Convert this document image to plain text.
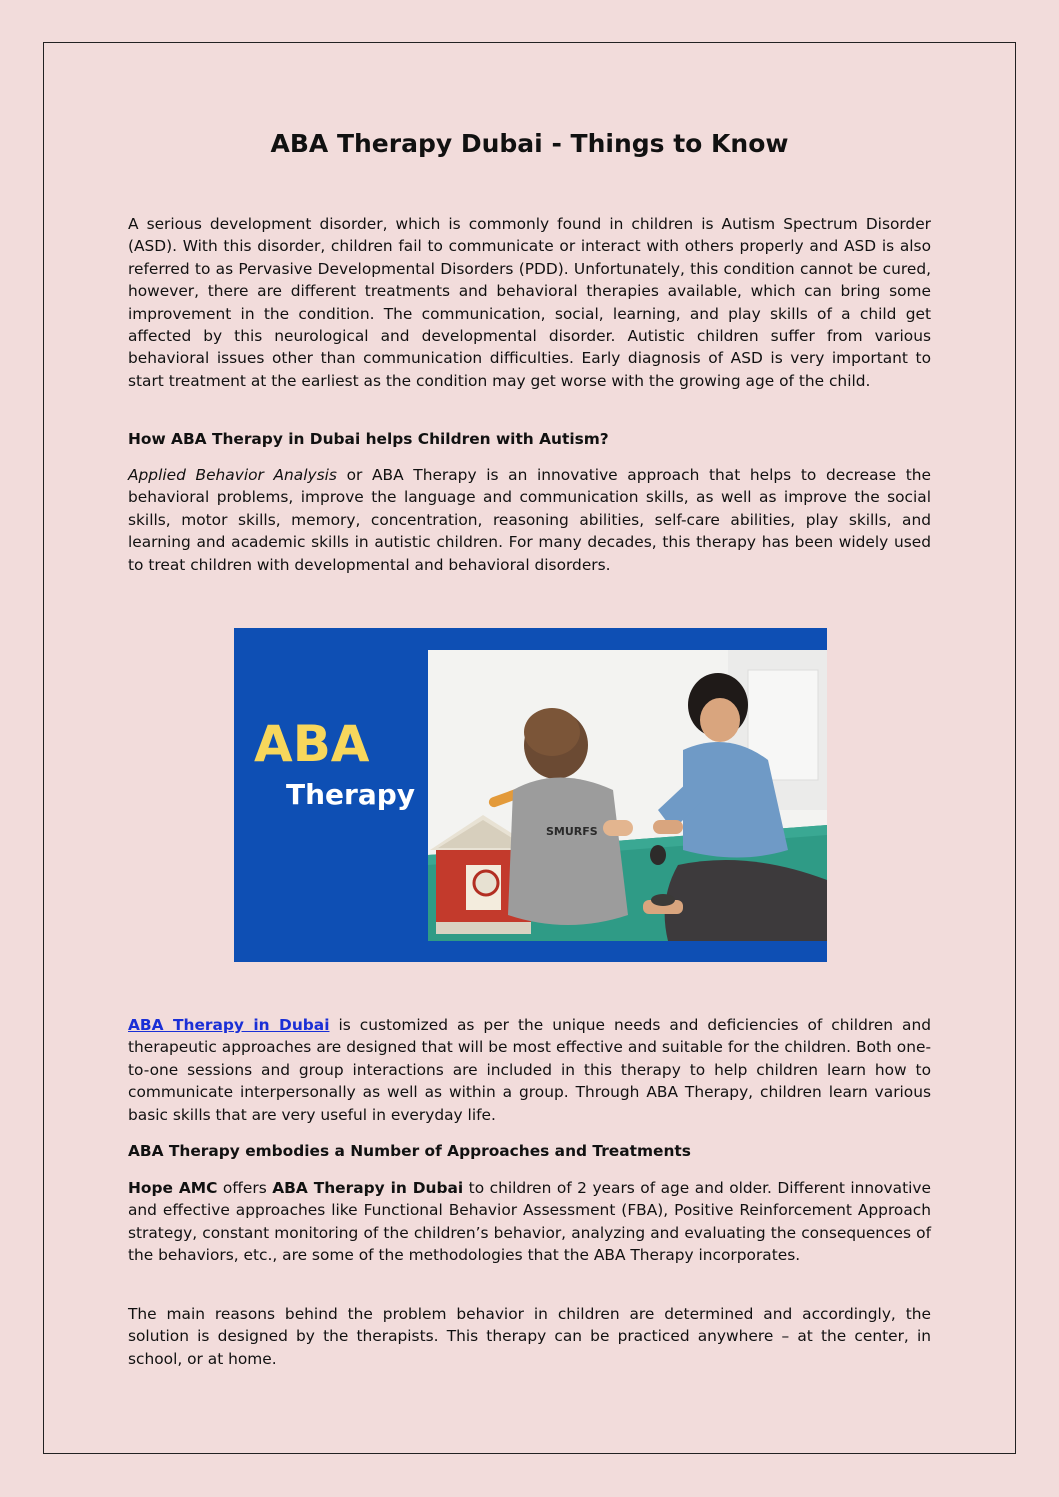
ABA Therapy Dubai - Things to Know

A serious development disorder, which is commonly found in children is Autism Spectrum Disorder (ASD). With this disorder, children fail to communicate or interact with others properly and ASD is also referred to as Pervasive Developmental Disorders (PDD). Unfortunately, this condition cannot be cured, however, there are different treatments and behavioral therapies available, which can bring some improvement in the condition. The communication, social, learning, and play skills of a child get affected by this neurological and developmental disorder. Autistic children suffer from various behavioral issues other than communication difficulties. Early diagnosis of ASD is very important to start treatment at the earliest as the condition may get worse with the growing age of the child.

How ABA Therapy in Dubai helps Children with Autism?

Applied Behavior Analysis or ABA Therapy is an innovative approach that helps to decrease the behavioral problems, improve the language and communication skills, as well as improve the social skills, motor skills, memory, concentration, reasoning abilities, self-care abilities, play skills, and learning and academic skills in autistic children. For many decades, this therapy has been widely used to treat children with developmental and behavioral disorders.

ABA
Therapy
SMURFS

ABA Therapy in Dubai is customized as per the unique needs and deficiencies of children and therapeutic approaches are designed that will be most effective and suitable for the children. Both one-to-one sessions and group interactions are included in this therapy to help children learn how to communicate interpersonally as well as within a group. Through ABA Therapy, children learn various basic skills that are very useful in everyday life.

ABA Therapy embodies a Number of Approaches and Treatments

Hope AMC offers ABA Therapy in Dubai to children of 2 years of age and older. Different innovative and effective approaches like Functional Behavior Assessment (FBA), Positive Reinforcement Approach strategy, constant monitoring of the children’s behavior, analyzing and evaluating the consequences of the behaviors, etc., are some of the methodologies that the ABA Therapy incorporates.

The main reasons behind the problem behavior in children are determined and accordingly, the solution is designed by the therapists. This therapy can be practiced anywhere – at the center, in school, or at home.
